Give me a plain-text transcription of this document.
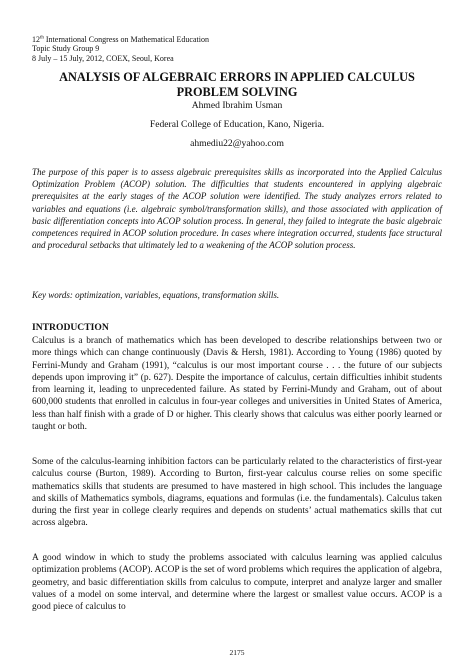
12th International Congress on Mathematical Education
Topic Study Group 9
8 July – 15 July, 2012, COEX, Seoul, Korea
ANALYSIS OF ALGEBRAIC ERRORS IN APPLIED CALCULUS
PROBLEM SOLVING
Ahmed Ibrahim Usman
Federal College of Education, Kano, Nigeria.
ahmediu22@yahoo.com

The purpose of this paper is to assess algebraic prerequisites skills as incorporated into the Applied Calculus Optimization Problem (ACOP) solution. The difficulties that students encountered in applying algebraic prerequisites at the early stages of the ACOP solution were identified. The study analyzes errors related to variables and equations (i.e. algebraic symbol/transformation skills), and those associated with application of basic differentiation concepts into ACOP solution process. In general, they failed to integrate the basic algebraic competences required in ACOP solution procedure. In cases where integration occurred, students face structural and procedural setbacks that ultimately led to a weakening of the ACOP solution process.

Key words: optimization, variables, equations, transformation skills.

INTRODUCTION

Calculus is a branch of mathematics which has been developed to describe relationships between two or more things which can change continuously (Davis & Hersh, 1981). According to Young (1986) quoted by Ferrini-Mundy and Graham (1991), “calculus is our most important course . . . the future of our subjects depends upon improving it” (p. 627). Despite the importance of calculus, certain difficulties inhibit students from learning it, leading to unprecedented failure. As stated by Ferrini-Mundy and Graham, out of about 600,000 students that enrolled in calculus in four-year colleges and universities in United States of America, less than half finish with a grade of D or higher. This clearly shows that calculus was either poorly learned or taught or both.

Some of the calculus-learning inhibition factors can be particularly related to the characteristics of first-year calculus course (Burton, 1989). According to Burton, first-year calculus course relies on some specific mathematics skills that students are presumed to have mastered in high school. This includes the language and skills of Mathematics symbols, diagrams, equations and formulas (i.e. the fundamentals). Calculus taken during the first year in college clearly requires and depends on students’ actual mathematics skills that cut across algebra.

A good window in which to study the problems associated with calculus learning was applied calculus optimization problems (ACOP). ACOP is the set of word problems which requires the application of algebra, geometry, and basic differentiation skills from calculus to compute, interpret and analyze larger and smaller values of a model on some interval, and determine where the largest or smallest value occurs. ACOP is a good piece of calculus to

2175
